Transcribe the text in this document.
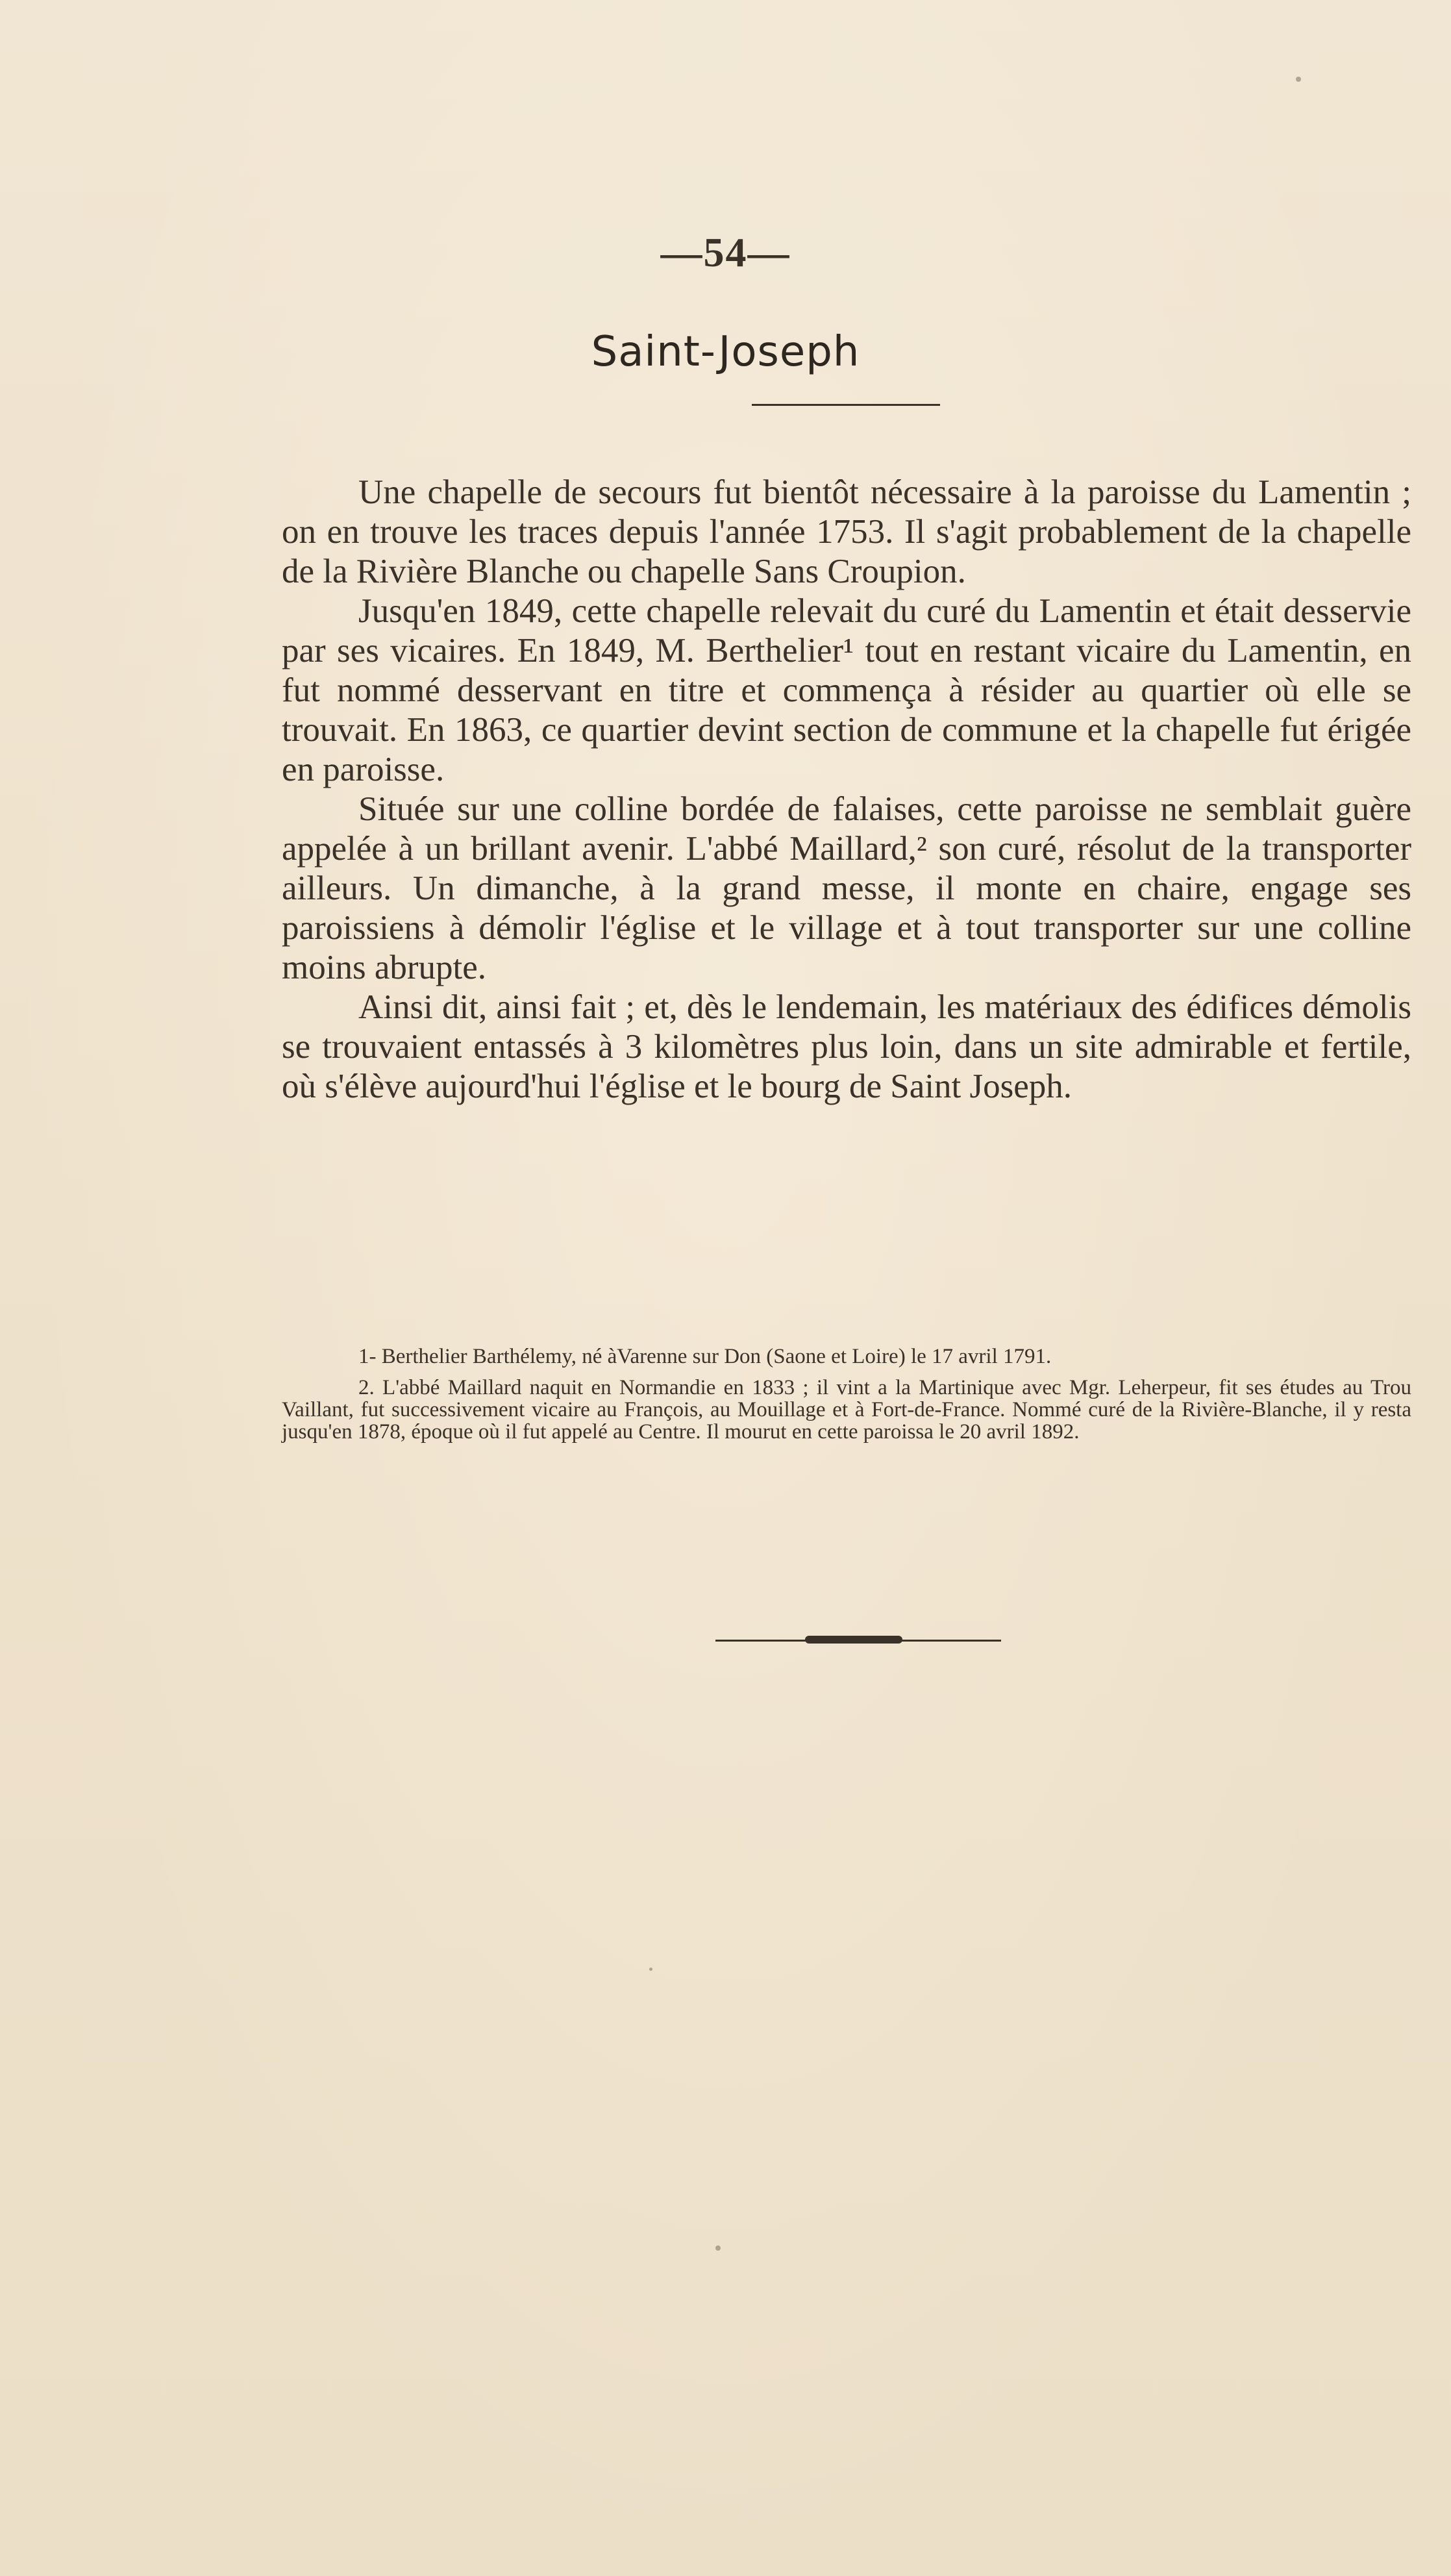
—54—
Saint-Joseph

Une chapelle de secours fut bientôt nécessaire à la paroisse du Lamentin ; on en trouve les traces depuis l'année 1753. Il s'agit probablement de la chapelle de la Rivière Blanche ou chapelle Sans Croupion.

Jusqu'en 1849, cette chapelle relevait du curé du Lamentin et était desservie par ses vicaires. En 1849, M. Berthelier¹ tout en restant vicaire du Lamentin, en fut nommé desservant en titre et commença à résider au quartier où elle se trouvait. En 1863, ce quartier devint section de commune et la chapelle fut érigée en paroisse.

Située sur une colline bordée de falaises, cette paroisse ne semblait guère appelée à un brillant avenir. L'abbé Maillard,² son curé, résolut de la transporter ailleurs. Un dimanche, à la grand messe, il monte en chaire, engage ses paroissiens à démolir l'église et le village et à tout transporter sur une colline moins abrupte.

Ainsi dit, ainsi fait ; et, dès le lendemain, les matériaux des édifices démolis se trouvaient entassés à 3 kilomètres plus loin, dans un site admirable et fertile, où s'élève aujourd'hui l'église et le bourg de Saint Joseph.

1- Berthelier Barthélemy, né àVarenne sur Don (Saone et Loire) le 17 avril 1791.

2. L'abbé Maillard naquit en Normandie en 1833 ; il vint a la Martinique avec Mgr. Leherpeur, fit ses études au Trou Vaillant, fut successivement vicaire au François, au Mouillage et à Fort-de-France. Nommé curé de la Rivière-Blanche, il y resta jusqu'en 1878, époque où il fut appelé au Centre. Il mourut en cette paroissa le 20 avril 1892.
